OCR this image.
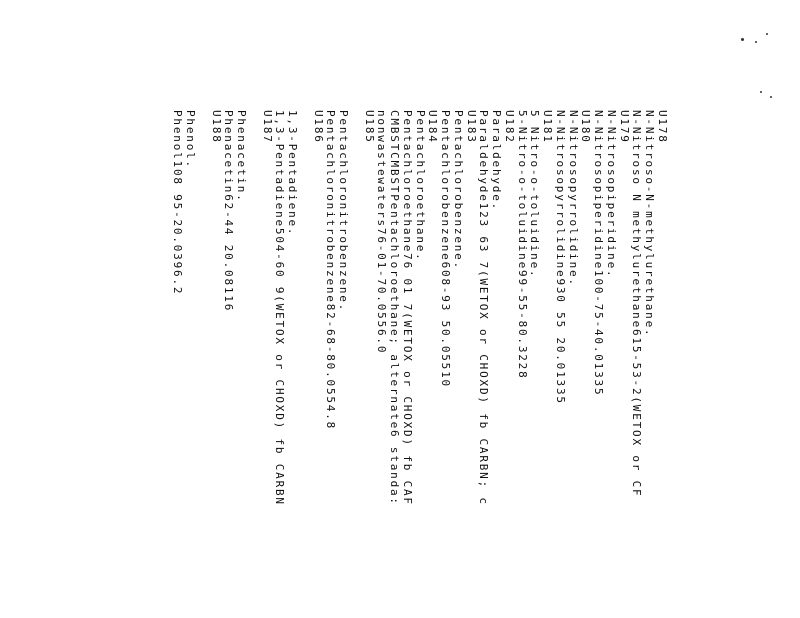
U178
N-Nitroso-N-methylurethane.
N-Nitroso N methylurethane615-53-2(WETOX or CF
U179
N-Nitrosopiperidine.
N-Nitrosopiperidine100-75-40.01335
U180
N-Nitrosopyrrolidine.
N-Nitrosopyrrolidine930 55 20.01335
U181
5 Nitro-o-toluidine.
5-Nitro-o-toluidine99-55-80.3228
U182
Paraldehyde.
Paraldehyde123 63 7(WETOX or CHOXD) fb CARBN; c
U183
Pentachlorobenzene.
Pentachlorobenzene608-93 50.05510
U184
Pentachloroethane.
Pentachloroethane76 01 7(WETOX or CHOXD) fb CAF
CMBSTCMBSTPentachloroethane; alternate6 standa:
nonwastewaters76-01-70.0556.0
U185
Pentachloronitrobenzene.
Pentachloronitrobenzene82-68-80.0554.8
U186
1,3-Pentadiene.
1,3-Pentadiene504-60 9(WETOX or CHOXD) fb CARBN
U187
Phenacetin.
Phenacetin62-44 20.08116
U188
Phenol.
Phenol108 95-20.0396.2
